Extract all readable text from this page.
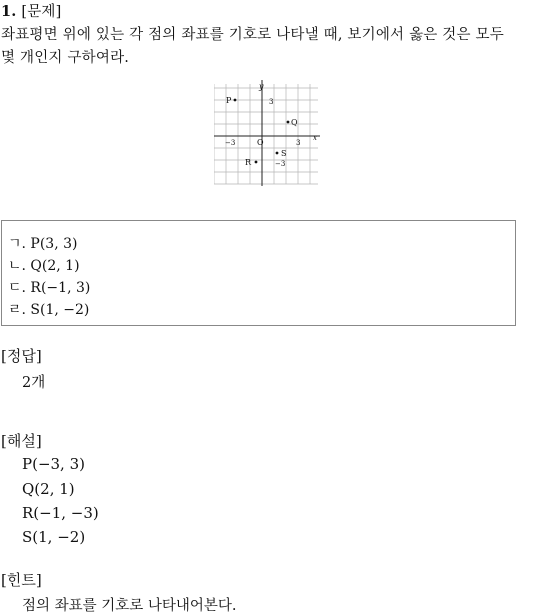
1. [문제]
좌표평면 위에 있는 각 점의 좌표를 기호로 나타낼 때, 보기에서 옳은 것은 모두
몇 개인지 구하여라.
x
y
O
−3	3
3
−3
P
Q
R
S
ㄱ. P(3, 3)
ㄴ. Q(2, 1)
ㄷ. R(−1, 3)
ㄹ. S(1, −2)
[정답]
2개
[해설]
P(−3, 3)
Q(2, 1)
R(−1, −3)
S(1, −2)
[힌트]
점의 좌표를 기호로 나타내어본다.
